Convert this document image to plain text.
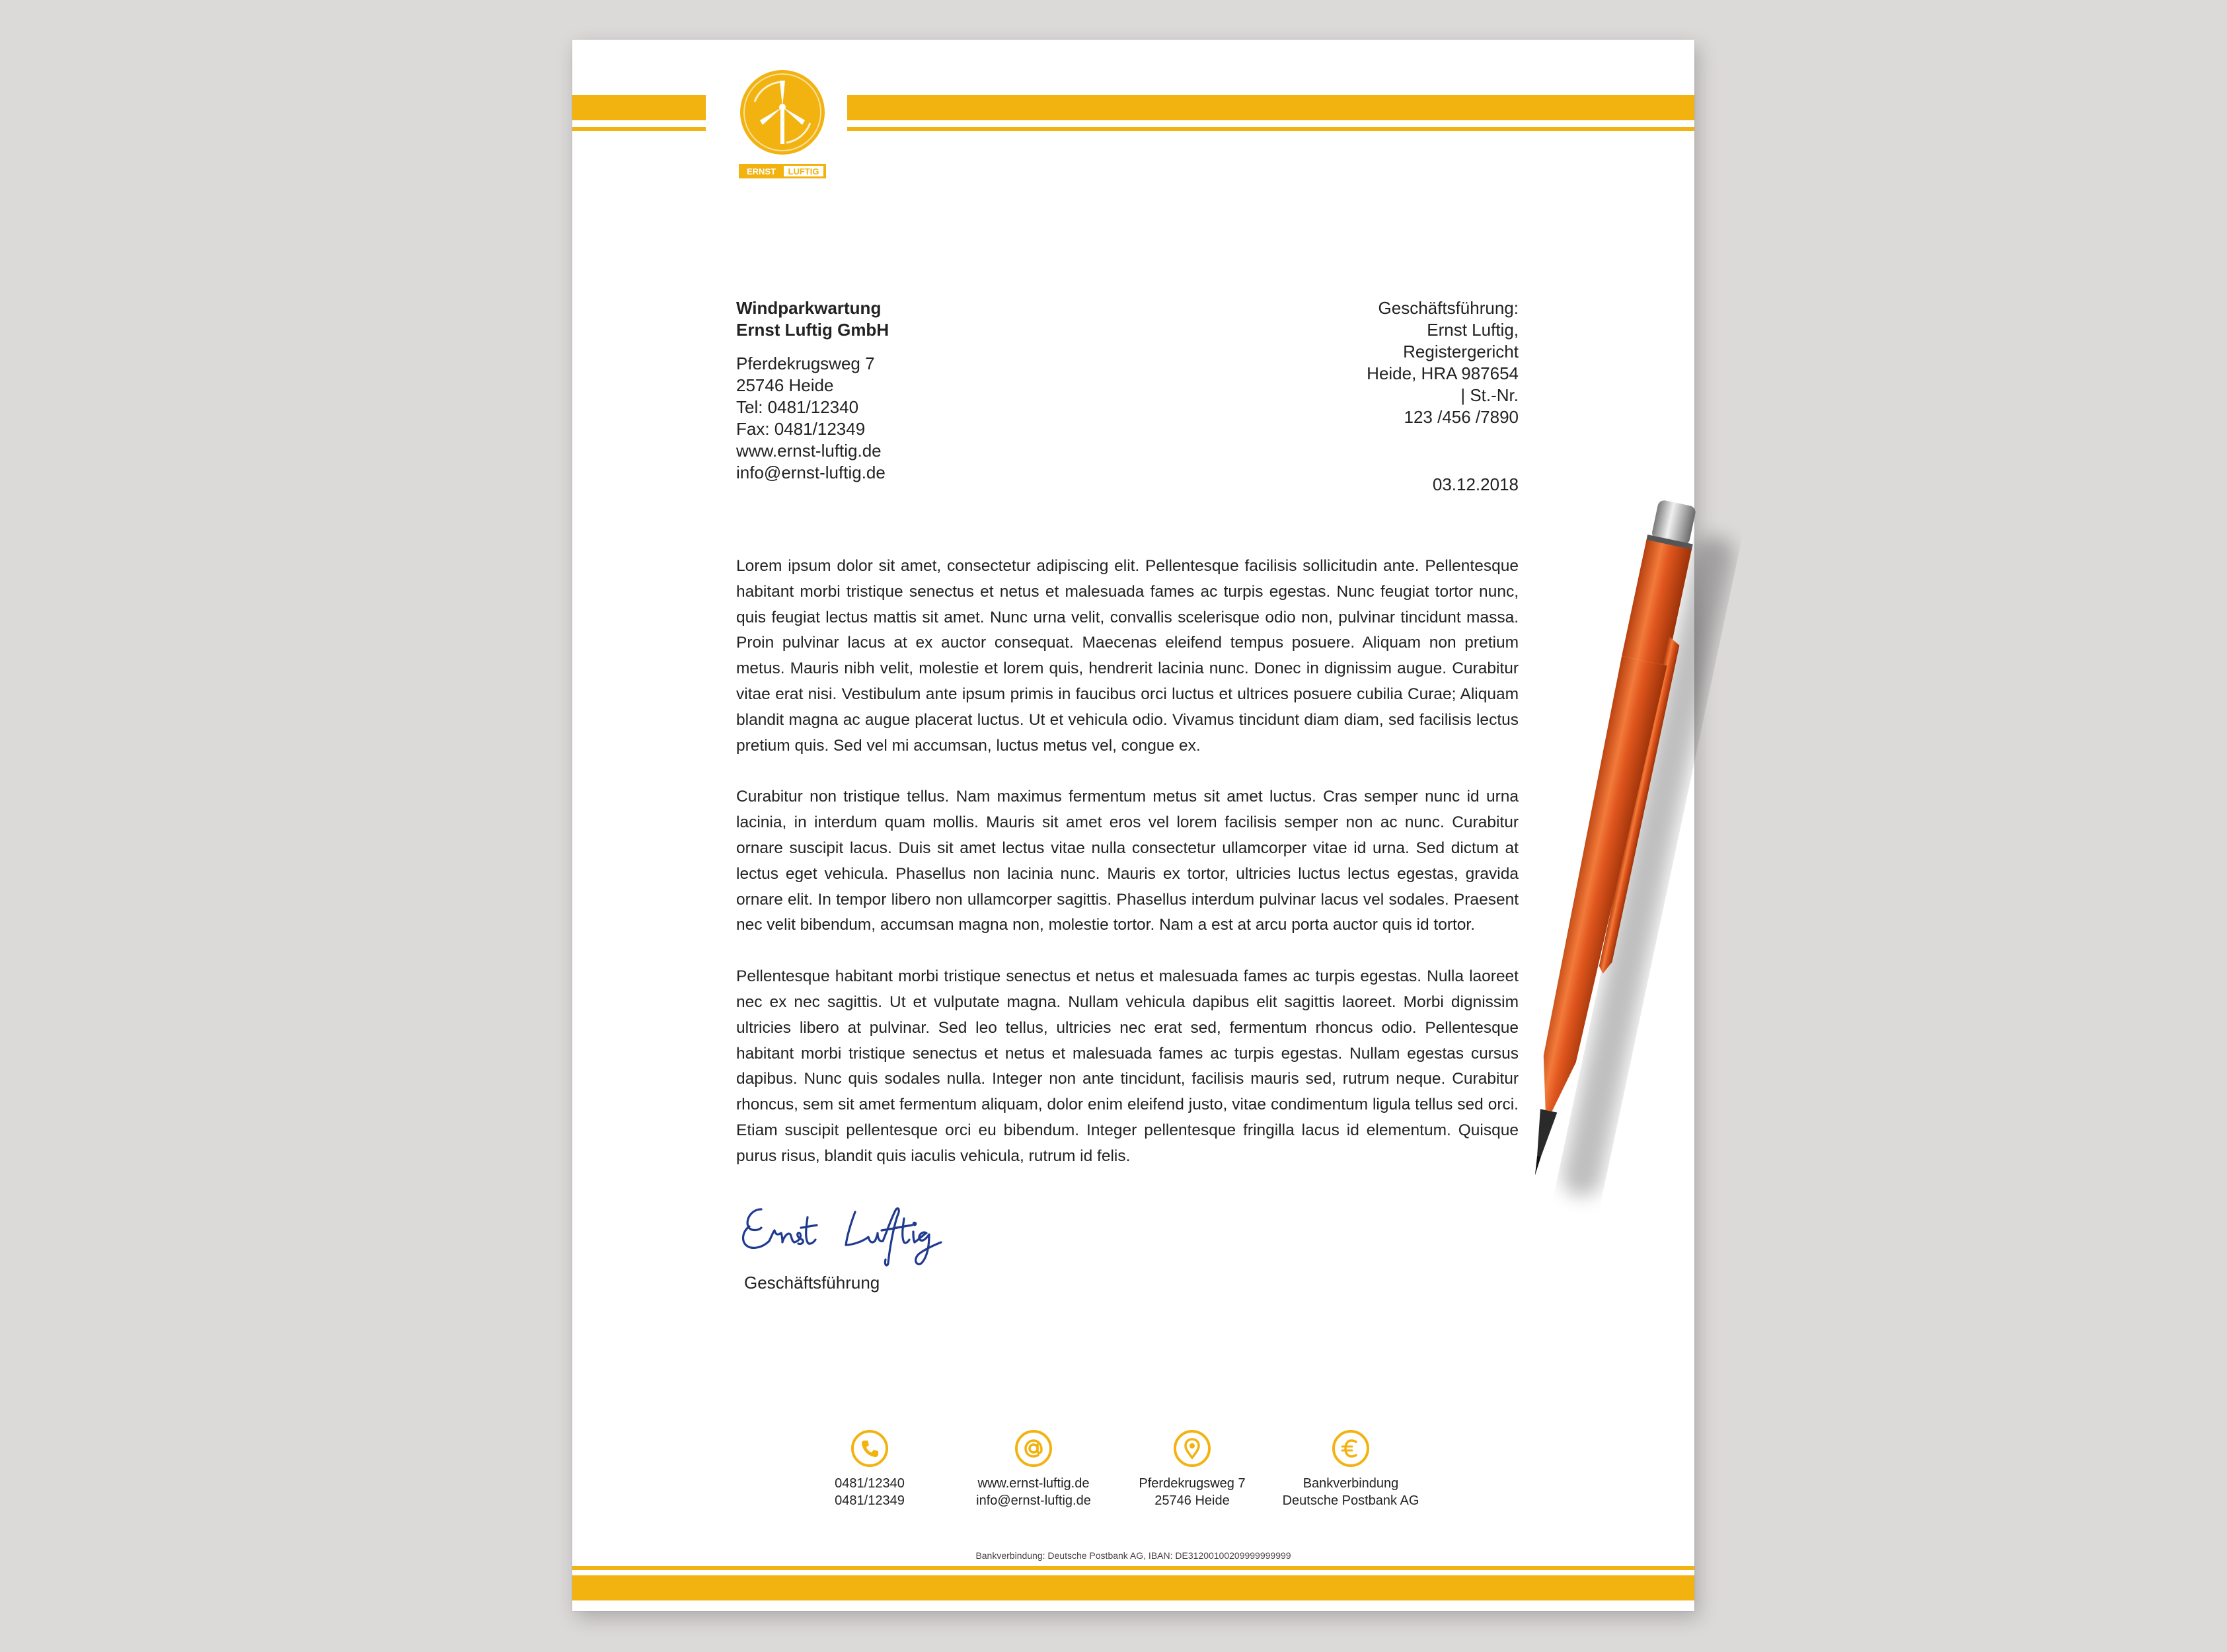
ERNST LUFTIG
Windparkwartung
Ernst Luftig GmbH
Pferdekrugsweg 7
25746 Heide
Tel: 0481/12340
Fax: 0481/12349
www.ernst-luftig.de
info@ernst-luftig.de
Geschäftsführung:
Ernst Luftig,
Registergericht
Heide, HRA 987654
| St.-Nr.
123 /456 /7890
03.12.2018

Lorem ipsum dolor sit amet, consectetur adipiscing elit. Pellentesque facilisis sollicitudin ante. Pellentesque habitant morbi tristique senectus et netus et malesuada fames ac turpis egestas. Nunc feugiat tortor nunc, quis feugiat lectus mattis sit amet. Nunc urna velit, convallis scelerisque odio non, pulvinar tincidunt massa. Proin pulvinar lacus at ex auctor consequat. Maecenas eleifend tempus posuere. Aliquam non pretium metus. Mauris nibh velit, molestie et lorem quis, hendrerit lacinia nunc. Donec in dignissim augue. Curabitur vitae erat nisi. Vestibulum ante ipsum primis in faucibus orci luctus et ultrices posuere cubilia Curae; Aliquam blandit magna ac augue placerat luctus. Ut et vehicula odio. Vivamus tincidunt diam diam, sed facilisis lectus pretium quis. Sed vel mi accumsan, luctus metus vel, congue ex.

Curabitur non tristique tellus. Nam maximus fermentum metus sit amet luctus. Cras semper nunc id urna lacinia, in interdum quam mollis. Mauris sit amet eros vel lorem facilisis semper non ac nunc. Curabitur ornare suscipit lacus. Duis sit amet lectus vitae nulla consectetur ullamcorper vitae id urna. Sed dictum at lectus eget vehicula. Phasellus non lacinia nunc. Mauris ex tortor, ultricies luctus lectus egestas, gravida ornare elit. In tempor libero non ullamcorper sagittis. Phasellus interdum pulvinar lacus vel sodales. Praesent nec velit bibendum, accumsan magna non, molestie tortor. Nam a est at arcu porta auctor quis id tortor.

Pellentesque habitant morbi tristique senectus et netus et malesuada fames ac turpis egestas. Nulla laoreet nec ex nec sagittis. Ut et vulputate magna. Nullam vehicula dapibus elit sagittis laoreet. Morbi dignissim ultricies libero at pulvinar. Sed leo tellus, ultricies nec erat sed, fermentum rhoncus odio. Pellentesque habitant morbi tristique senectus et netus et malesuada fames ac turpis egestas. Nullam egestas cursus dapibus. Nunc quis sodales nulla. Integer non ante tincidunt, facilisis mauris sed, rutrum neque. Curabitur rhoncus, sem sit amet fermentum aliquam, dolor enim eleifend justo, vitae condimentum ligula tellus sed orci. Etiam suscipit pellentesque orci eu bibendum. Integer pellentesque fringilla lacus id elementum. Quisque purus risus, blandit quis iaculis vehicula, rutrum id felis.

Geschäftsführung
0481/12340
0481/12349
www.ernst-luftig.de
info@ernst-luftig.de
Pferdekrugsweg 7
25746 Heide
Bankverbindung
Deutsche Postbank AG
Bankverbindung: Deutsche Postbank AG, IBAN: DE31200100209999999999
